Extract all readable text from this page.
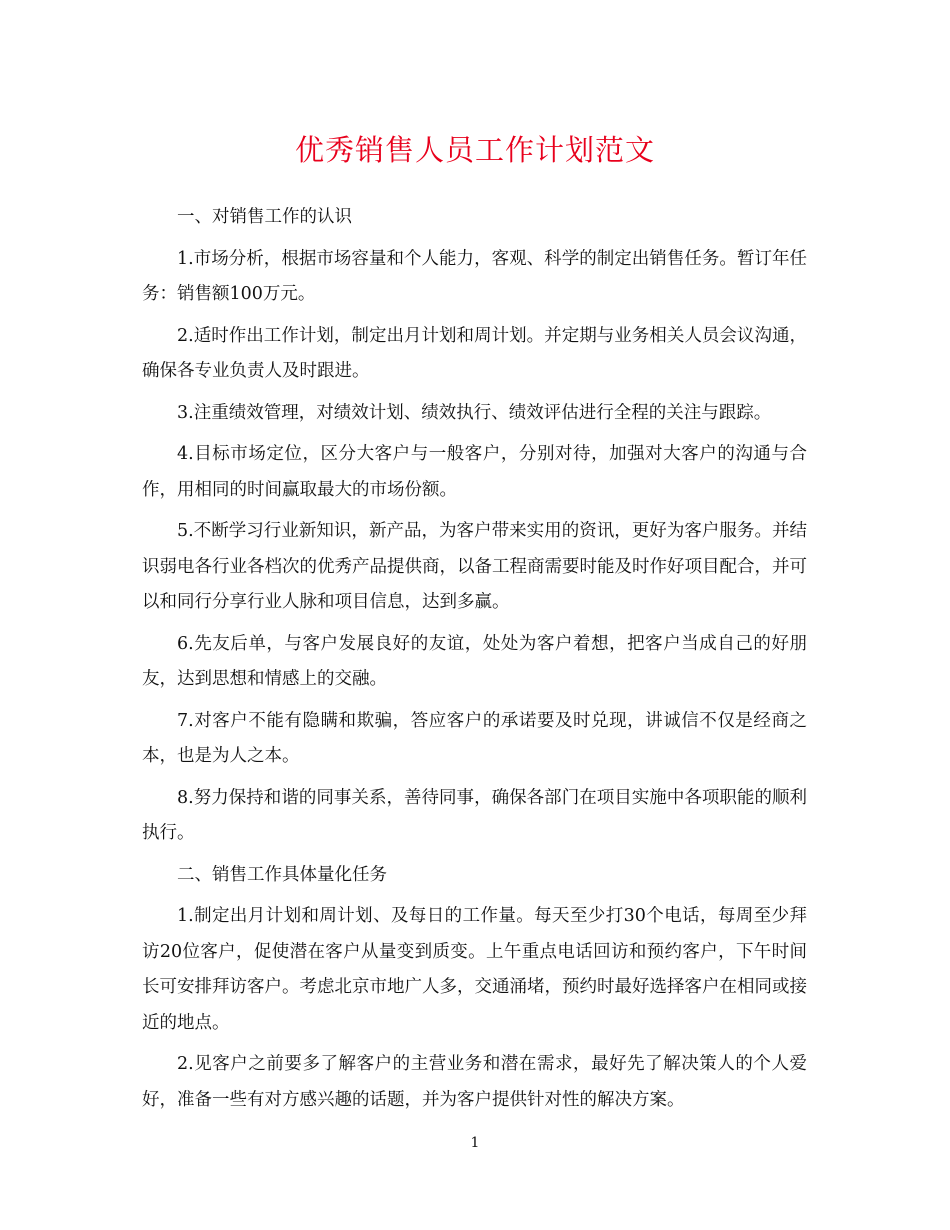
优秀销售人员工作计划范文

一、对销售工作的认识

1.市场分析，根据市场容量和个人能力，客观、科学的制定出销售任务。暂订年任务：销售额100万元。

2.适时作出工作计划，制定出月计划和周计划。并定期与业务相关人员会议沟通，确保各专业负责人及时跟进。

3.注重绩效管理，对绩效计划、绩效执行、绩效评估进行全程的关注与跟踪。

4.目标市场定位，区分大客户与一般客户，分别对待，加强对大客户的沟通与合作，用相同的时间赢取最大的市场份额。

5.不断学习行业新知识，新产品，为客户带来实用的资讯，更好为客户服务。并结识弱电各行业各档次的优秀产品提供商，以备工程商需要时能及时作好项目配合，并可以和同行分享行业人脉和项目信息，达到多赢。

6.先友后单，与客户发展良好的友谊，处处为客户着想，把客户当成自己的好朋友，达到思想和情感上的交融。

7.对客户不能有隐瞒和欺骗，答应客户的承诺要及时兑现，讲诚信不仅是经商之本，也是为人之本。

8.努力保持和谐的同事关系，善待同事，确保各部门在项目实施中各项职能的顺利执行。

二、销售工作具体量化任务

1.制定出月计划和周计划、及每日的工作量。每天至少打30个电话，每周至少拜访20位客户，促使潜在客户从量变到质变。上午重点电话回访和预约客户，下午时间长可安排拜访客户。考虑北京市地广人多，交通涌堵，预约时最好选择客户在相同或接近的地点。

2.见客户之前要多了解客户的主营业务和潜在需求，最好先了解决策人的个人爱好，准备一些有对方感兴趣的话题，并为客户提供针对性的解决方案。

1
